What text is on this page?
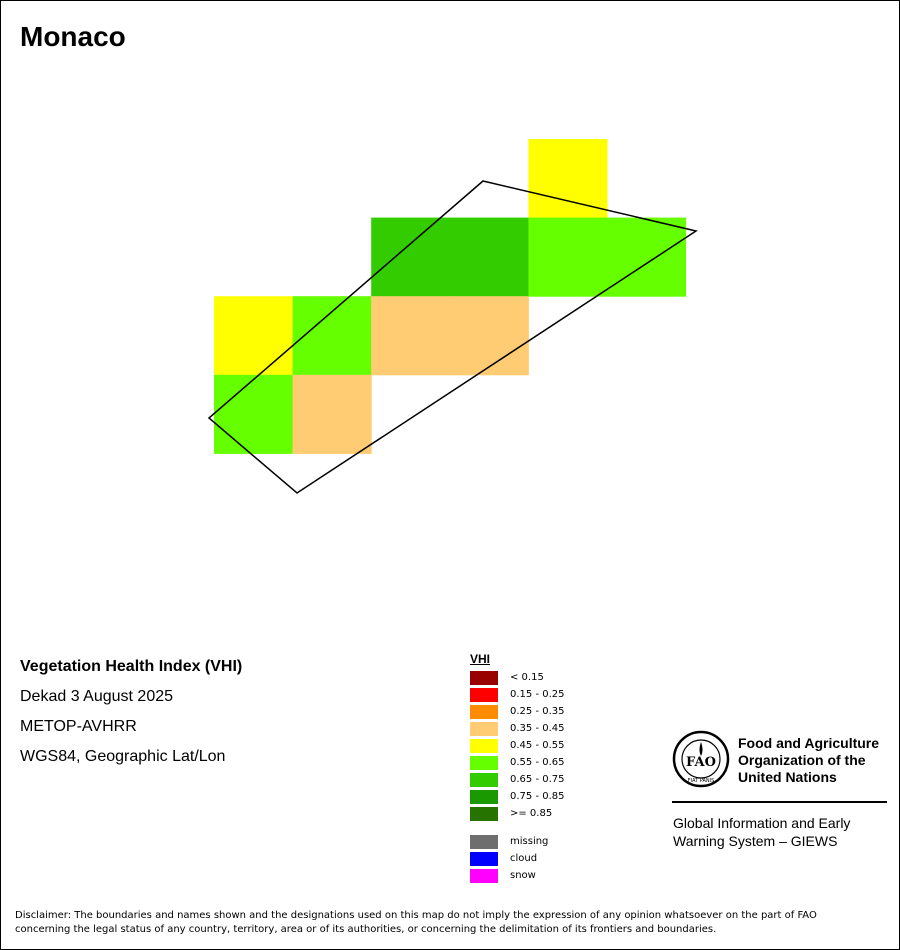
Monaco
Vegetation Health Index (VHI)
Dekad 3 August 2025
METOP-AVHRR
WGS84, Geographic Lat/Lon
VHI
< 0.15
0.15 - 0.25
0.25 - 0.35
0.35 - 0.45
0.45 - 0.55
0.55 - 0.65
0.65 - 0.75
0.75 - 0.85
>= 0.85
missing
cloud
snow
FAO
FIAT PANIS
Food and Agriculture
Organization of the
United Nations
Global Information and Early
Warning System – GIEWS
Disclaimer: The boundaries and names shown and the designations used on this map do not imply the expression of any opinion whatsoever on the part of FAO
concerning the legal status of any country, territory, area or of its authorities, or concerning the delimitation of its frontiers and boundaries.
